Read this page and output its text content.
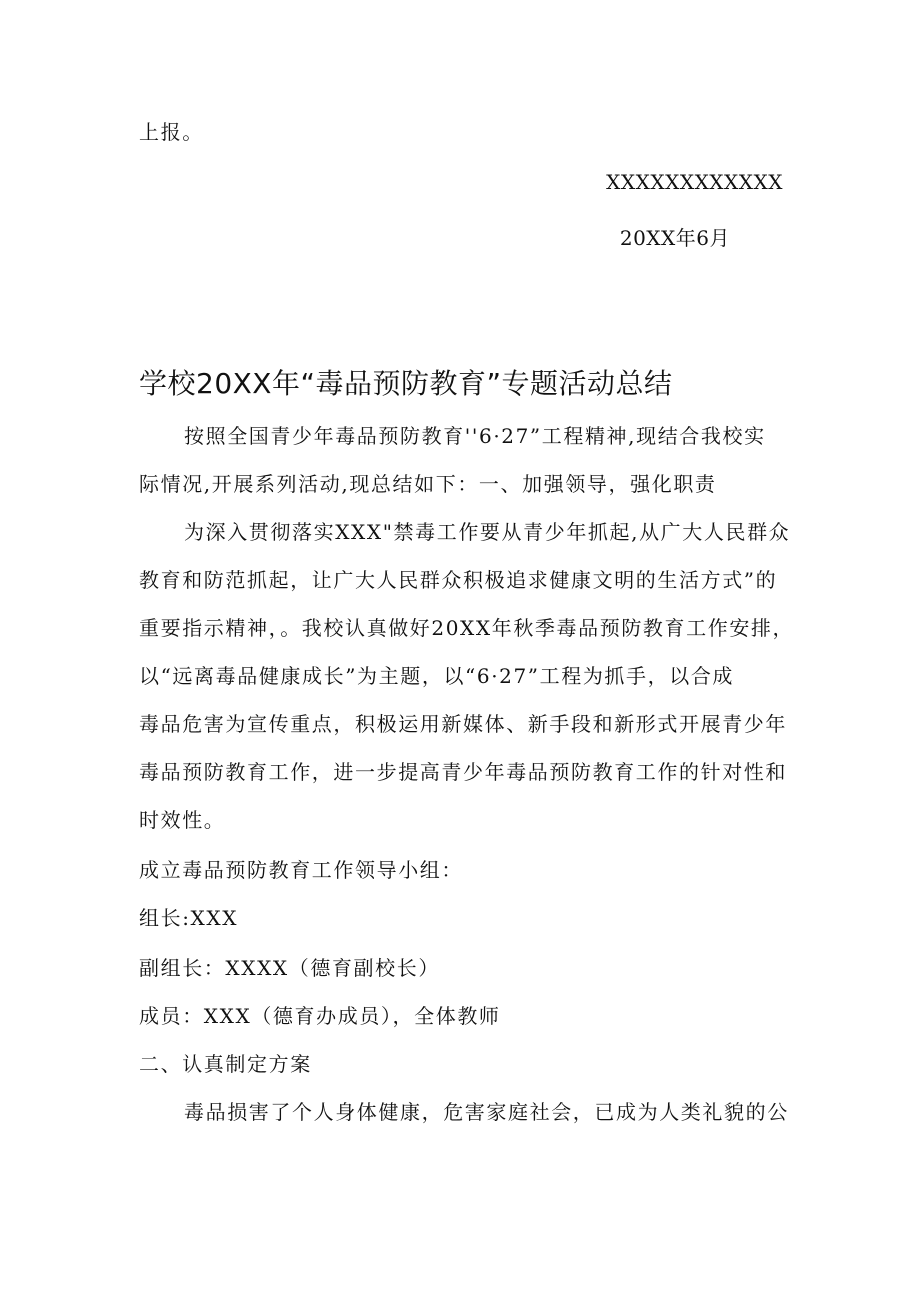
上报。
XXXXXXXXXXXX
20XX年6月
学校20XX年“毒品预防教育”专题活动总结
按照全国青少年毒品预防教育''6·27”工程精神,现结合我校实
际情况,开展系列活动,现总结如下：一、加强领导，强化职责
为深入贯彻落实XXX"禁毒工作要从青少年抓起,从广大人民群众
教育和防范抓起，让广大人民群众积极追求健康文明的生活方式”的
重要指示精神，。我校认真做好20XX年秋季毒品预防教育工作安排，
以“远离毒品健康成长”为主题，以“6·27”工程为抓手，以合成
毒品危害为宣传重点，积极运用新媒体、新手段和新形式开展青少年
毒品预防教育工作，进一步提高青少年毒品预防教育工作的针对性和
时效性。
成立毒品预防教育工作领导小组：
组长:XXX
副组长：XXXX（德育副校长）
成员：XXX（德育办成员），全体教师
二、认真制定方案
毒品损害了个人身体健康，危害家庭社会，已成为人类礼貌的公
